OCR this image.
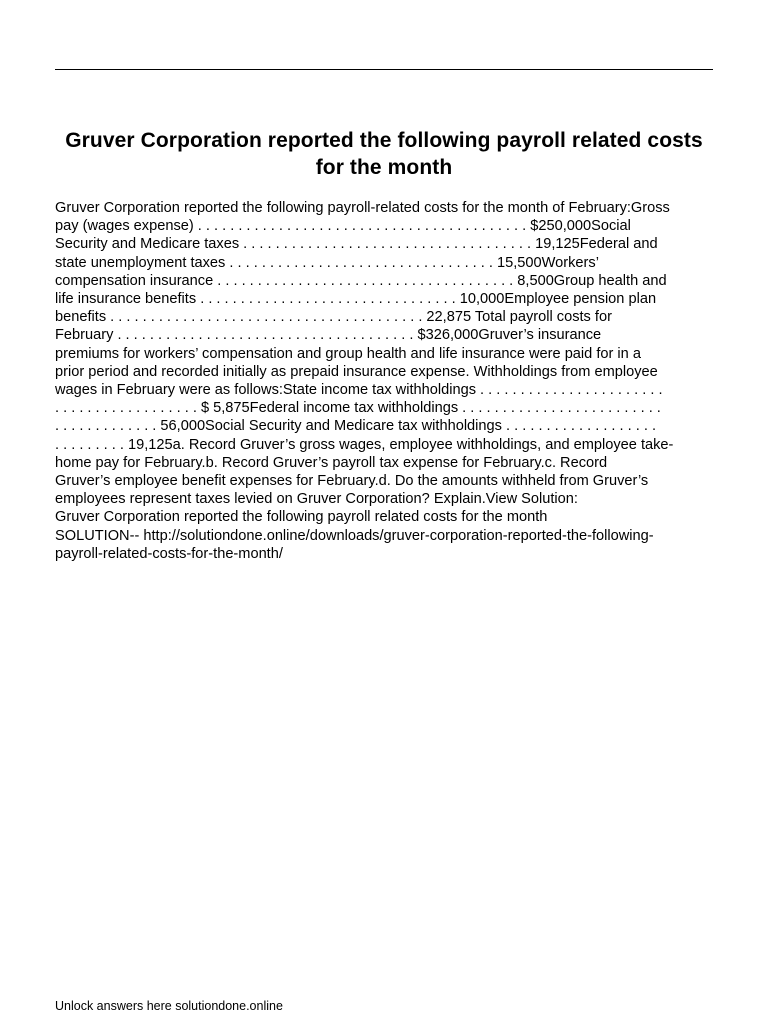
Gruver Corporation reported the following payroll related costs for the month
Gruver Corporation reported the following payroll-related costs for the month of February:Gross
pay (wages expense) . . . . . . . . . . . . . . . . . . . . . . . . . . . . . . . . . . . . . . . . . $250,000Social
Security and Medicare taxes . . . . . . . . . . . . . . . . . . . . . . . . . . . . . . . . . . . . 19,125Federal and
state unemployment taxes . . . . . . . . . . . . . . . . . . . . . . . . . . . . . . . . . 15,500Workers’
compensation insurance . . . . . . . . . . . . . . . . . . . . . . . . . . . . . . . . . . . . . 8,500Group health and
life insurance benefits . . . . . . . . . . . . . . . . . . . . . . . . . . . . . . . . 10,000Employee pension plan
benefits . . . . . . . . . . . . . . . . . . . . . . . . . . . . . . . . . . . . . . . 22,875 Total payroll costs for
February . . . . . . . . . . . . . . . . . . . . . . . . . . . . . . . . . . . . . $326,000Gruver’s insurance
premiums for workers’ compensation and group health and life insurance were paid for in a
prior period and recorded initially as prepaid insurance expense. Withholdings from employee
wages in February were as follows:State income tax withholdings . . . . . . . . . . . . . . . . . . . . . . .
. . . . . . . . . . . . . . . . . . $ 5,875Federal income tax withholdings . . . . . . . . . . . . . . . . . . . . . . . . .
. . . . . . . . . . . . . 56,000Social Security and Medicare tax withholdings . . . . . . . . . . . . . . . . . . .
. . . . . . . . . 19,125a. Record Gruver’s gross wages, employee withholdings, and employee take-
home pay for February.b. Record Gruver’s payroll tax expense for February.c. Record
Gruver’s employee benefit expenses for February.d. Do the amounts withheld from Gruver’s
employees represent taxes levied on Gruver Corporation? Explain.View Solution:
Gruver Corporation reported the following payroll related costs for the month
SOLUTION-- http://solutiondone.online/downloads/gruver-corporation-reported-the-following-
payroll-related-costs-for-the-month/

Unlock answers here solutiondone.online
